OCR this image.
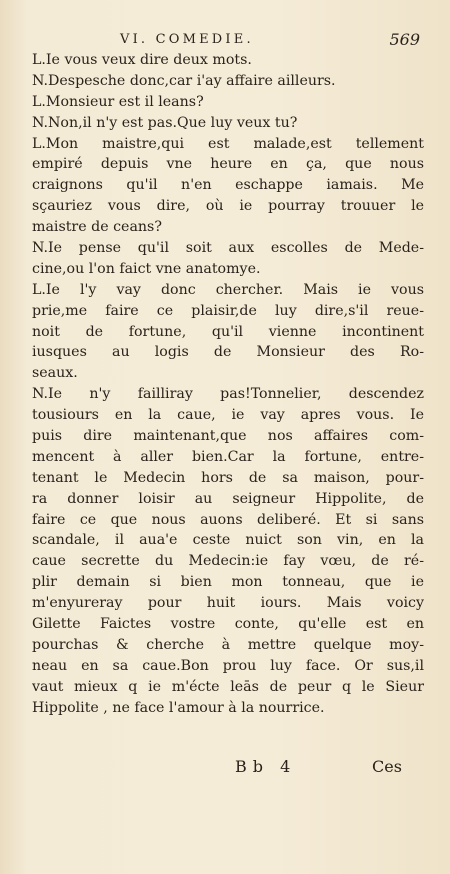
VI. COMEDIE.	569
L.Ie vous veux dire deux mots.
N.Despesche donc,car i'ay affaire ailleurs.
L.Monsieur est il leans?
N.Non,il n'y est pas.Que luy veux tu?
L.Mon maistre,qui est malade,est tellement
empiré depuis vne heure en ça, que nous
craignons qu'il n'en eschappe iamais. Me
sçauriez vous dire, où ie pourray trouuer le
maistre de ceans?
N.Ie pense qu'il soit aux escolles de Mede-
cine,ou l'on faict vne anatomye.
L.Ie l'y vay donc chercher. Mais ie vous
prie,me faire ce plaisir,de luy dire,s'il reue-
noit de fortune, qu'il vienne incontinent
iusques au logis de Monsieur des Ro-
seaux.
N.Ie n'y failliray pas!Tonnelier, descendez
tousiours en la caue, ie vay apres vous. Ie
puis dire maintenant,que nos affaires com-
mencent à aller bien.Car la fortune, entre-
tenant le Medecin hors de sa maison, pour-
ra donner loisir au seigneur Hippolite, de
faire ce que nous auons deliberé. Et si sans
scandale, il aua'e ceste nuict son vin, en la
caue secrette du Medecin:ie fay vœu, de ré-
plir demain si bien mon tonneau, que ie
m'enyureray pour huit iours. Mais voicy
Gilette Faictes vostre conte, qu'elle est en
pourchas & cherche à mettre quelque moy-
neau en sa caue.Bon prou luy face. Or sus,il
vaut mieux q ie m'écte leās de peur q le Sieur
Hippolite , ne face l'amour à la nourrice.
Bb 4	Ces
